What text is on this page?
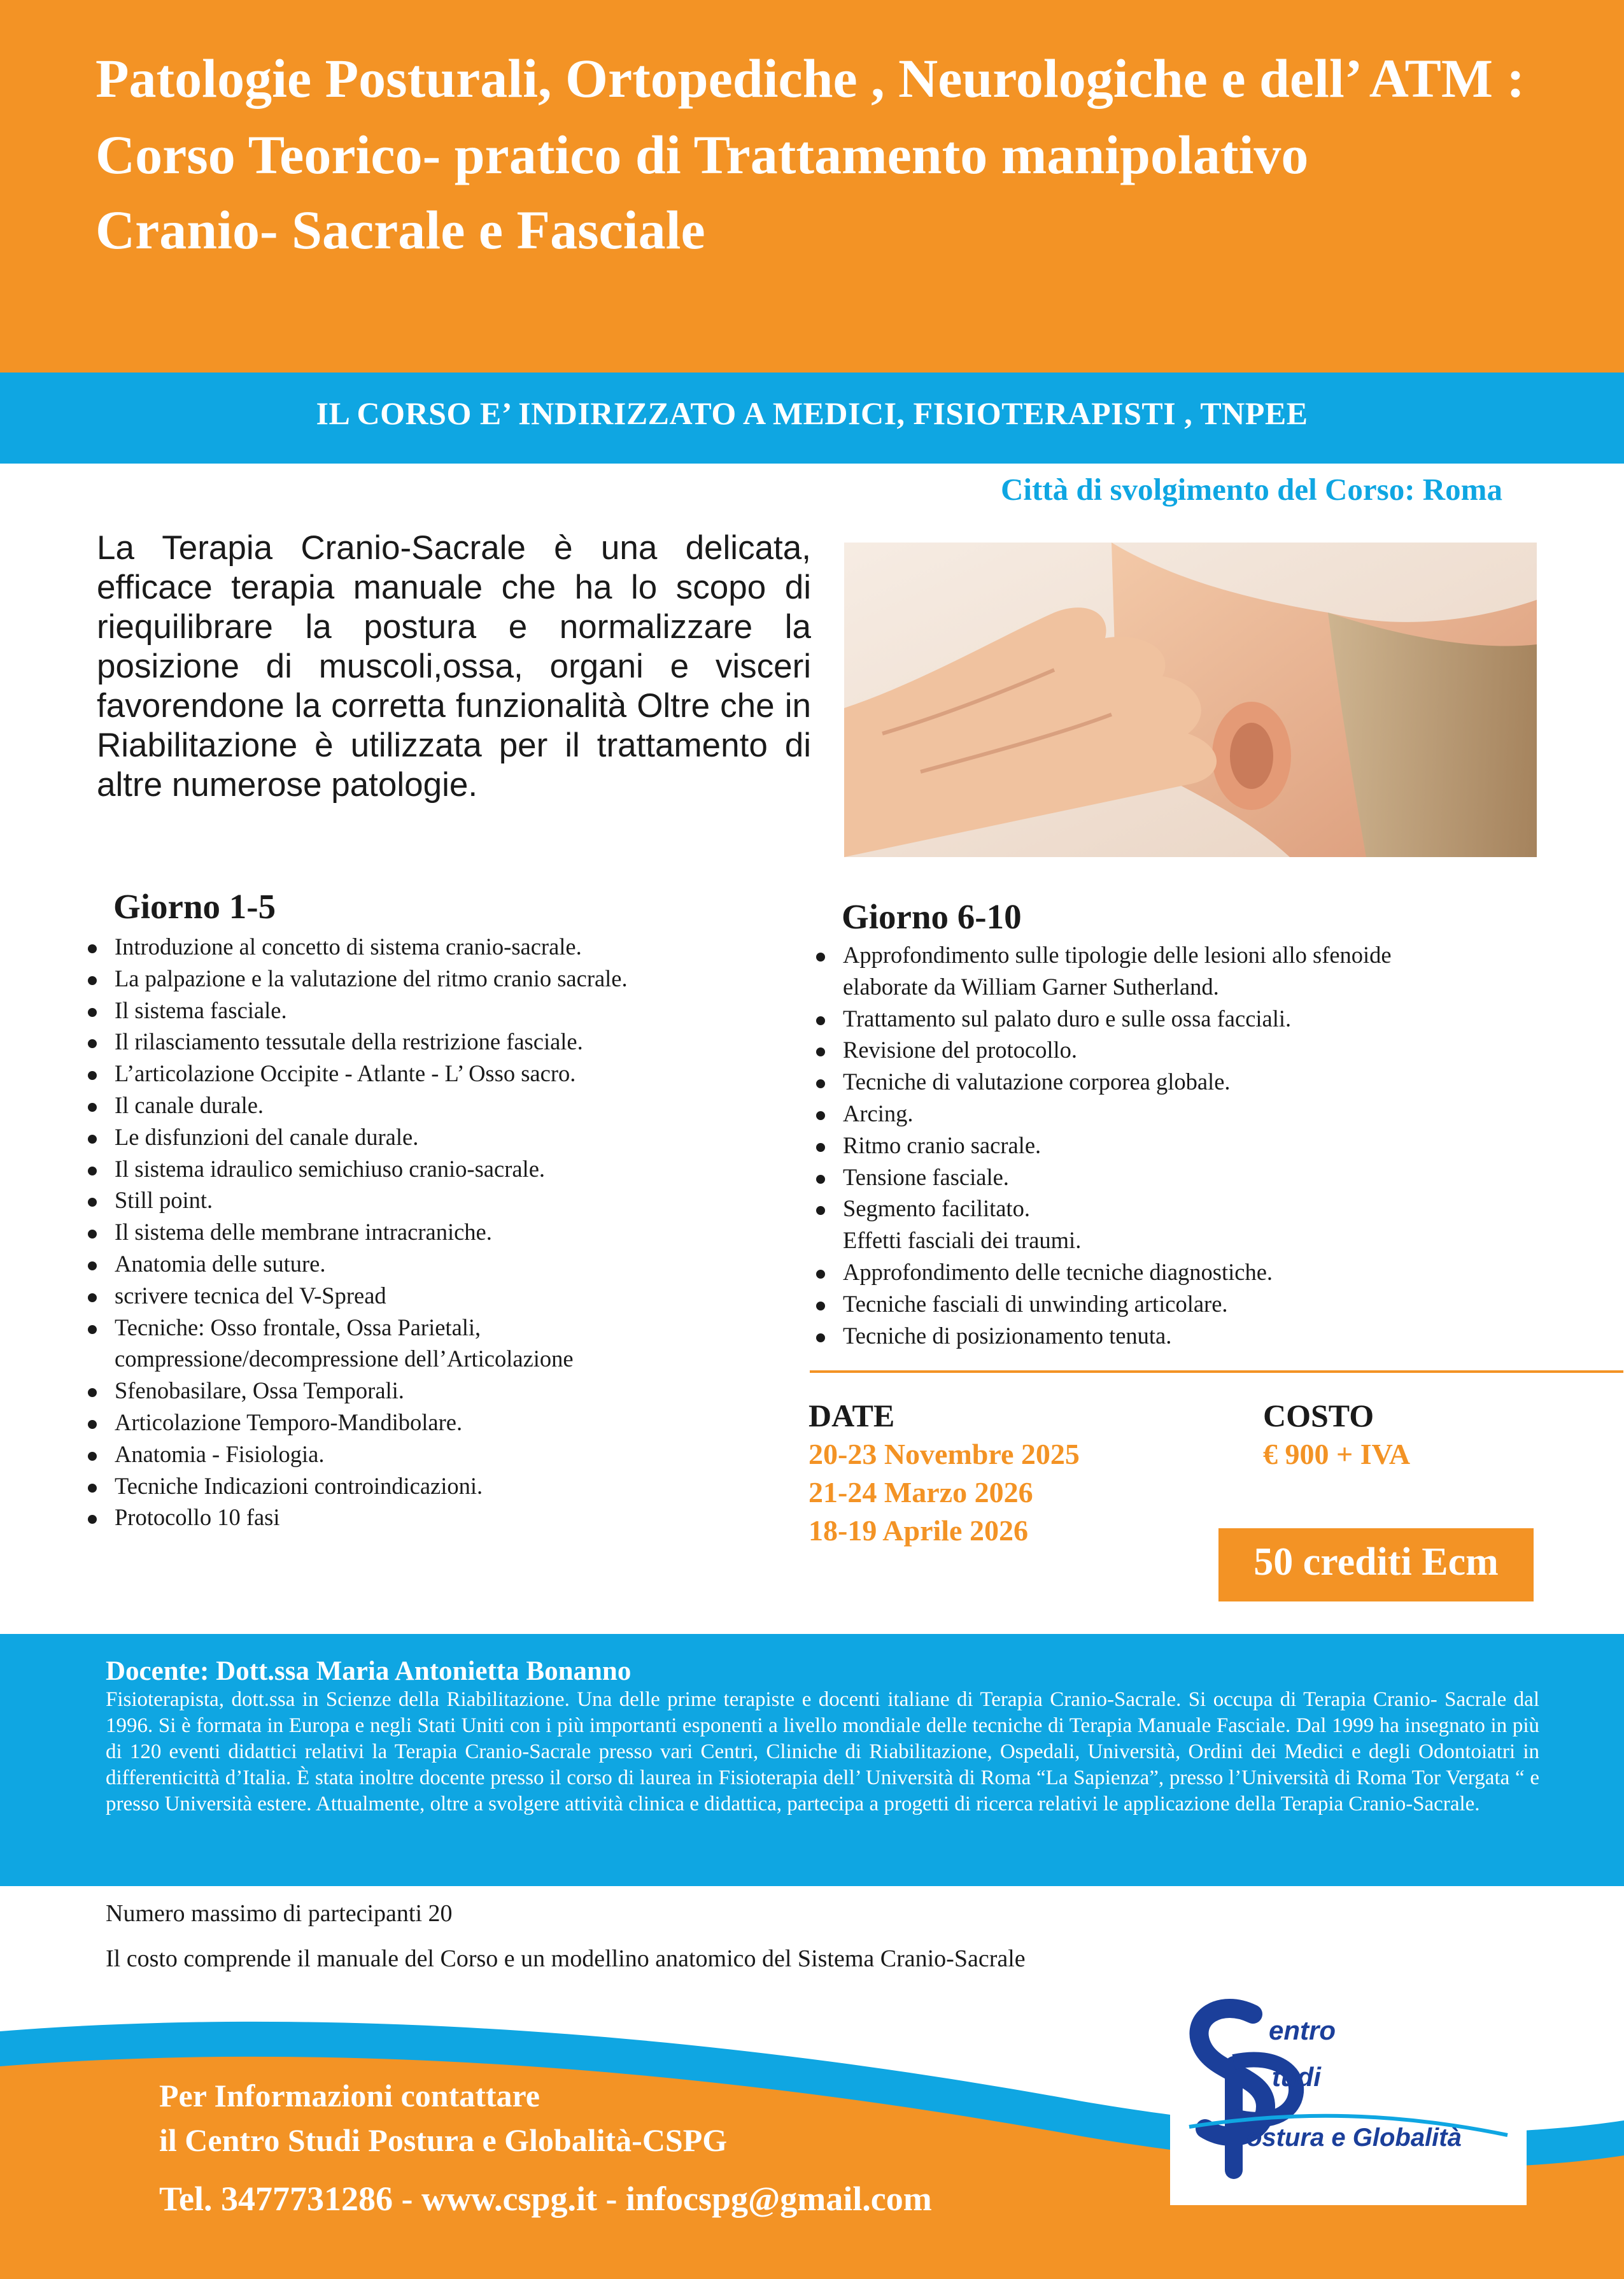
Patologie Posturali, Ortopediche , Neurologiche e dell’ ATM :
Corso Teorico- pratico di Trattamento manipolativo
Cranio- Sacrale e Fasciale
IL CORSO E’ INDIRIZZATO A MEDICI, FISIOTERAPISTI , TNPEE
Città di svolgimento del Corso: Roma
La Terapia Cranio-Sacrale è una delicata, efficace terapia manuale che ha lo scopo di riequilibrare la postura e normalizzare la posizione di muscoli,ossa, organi e visceri favorendone la corretta funzionalità Oltre che in Riabilitazione è utilizzata per il trattamento di altre numerose patologie.
Giorno 1-5
Introduzione al concetto di sistema cranio-sacrale.
La palpazione e la valutazione del ritmo cranio sacrale.
Il sistema fasciale.
Il rilasciamento tessutale della restrizione fasciale.
L’articolazione Occipite - Atlante - L’ Osso sacro.
Il canale durale.
Le disfunzioni del canale durale.
Il sistema idraulico semichiuso cranio-sacrale.
Still point.
Il sistema delle membrane intracraniche.
Anatomia delle suture.
scrivere tecnica del V-Spread
Tecniche: Osso frontale, Ossa Parietali,
compressione/decompressione dell’Articolazione
Sfenobasilare, Ossa Temporali.
Articolazione Temporo-Mandibolare.
Anatomia - Fisiologia.
Tecniche Indicazioni controindicazioni.
Protocollo 10 fasi
Giorno 6-10
Approfondimento sulle tipologie delle lesioni allo sfenoide
elaborate da William Garner Sutherland.
Trattamento sul palato duro e sulle ossa facciali.
Revisione del protocollo.
Tecniche di valutazione corporea globale.
Arcing.
Ritmo cranio sacrale.
Tensione fasciale.
Segmento facilitato.
Effetti fasciali dei traumi.
Approfondimento delle tecniche diagnostiche.
Tecniche fasciali di unwinding articolare.
Tecniche di posizionamento tenuta.
DATE
20-23 Novembre 2025
21-24 Marzo 2026
18-19 Aprile 2026
COSTO
€ 900 + IVA
50 crediti Ecm
Docente: Dott.ssa Maria Antonietta Bonanno
Fisioterapista, dott.ssa in Scienze della Riabilitazione. Una delle prime terapiste e docenti italiane di Terapia Cranio-Sacrale. Si occupa di Terapia Cranio- Sacrale dal 1996. Si è formata in Europa e negli Stati Uniti con i più importanti esponenti a livello mondiale delle tecniche di Terapia Manuale Fasciale. Dal 1999 ha insegnato in più di 120 eventi didattici relativi la Terapia Cranio-Sacrale presso vari Centri, Cliniche di Riabilitazione, Ospedali, Università, Ordini dei Medici e degli Odontoiatri in differenticittà d’Italia. È stata inoltre docente presso il corso di laurea in Fisioterapia dell’ Università di Roma “La Sapienza”, presso l’Università di Roma Tor Vergata “ e presso Università estere. Attualmente, oltre a svolgere attività clinica e didattica, partecipa a progetti di ricerca relativi le applicazione della Terapia Cranio-Sacrale.
Numero massimo di partecipanti 20
Il costo comprende il manuale del Corso e un modellino anatomico del Sistema Cranio-Sacrale
Per Informazioni contattare
il Centro Studi Postura e Globalità-CSPG
Tel. 3477731286 - www.cspg.it - infocspg@gmail.com
entro
tudi
ostura e Globalità
